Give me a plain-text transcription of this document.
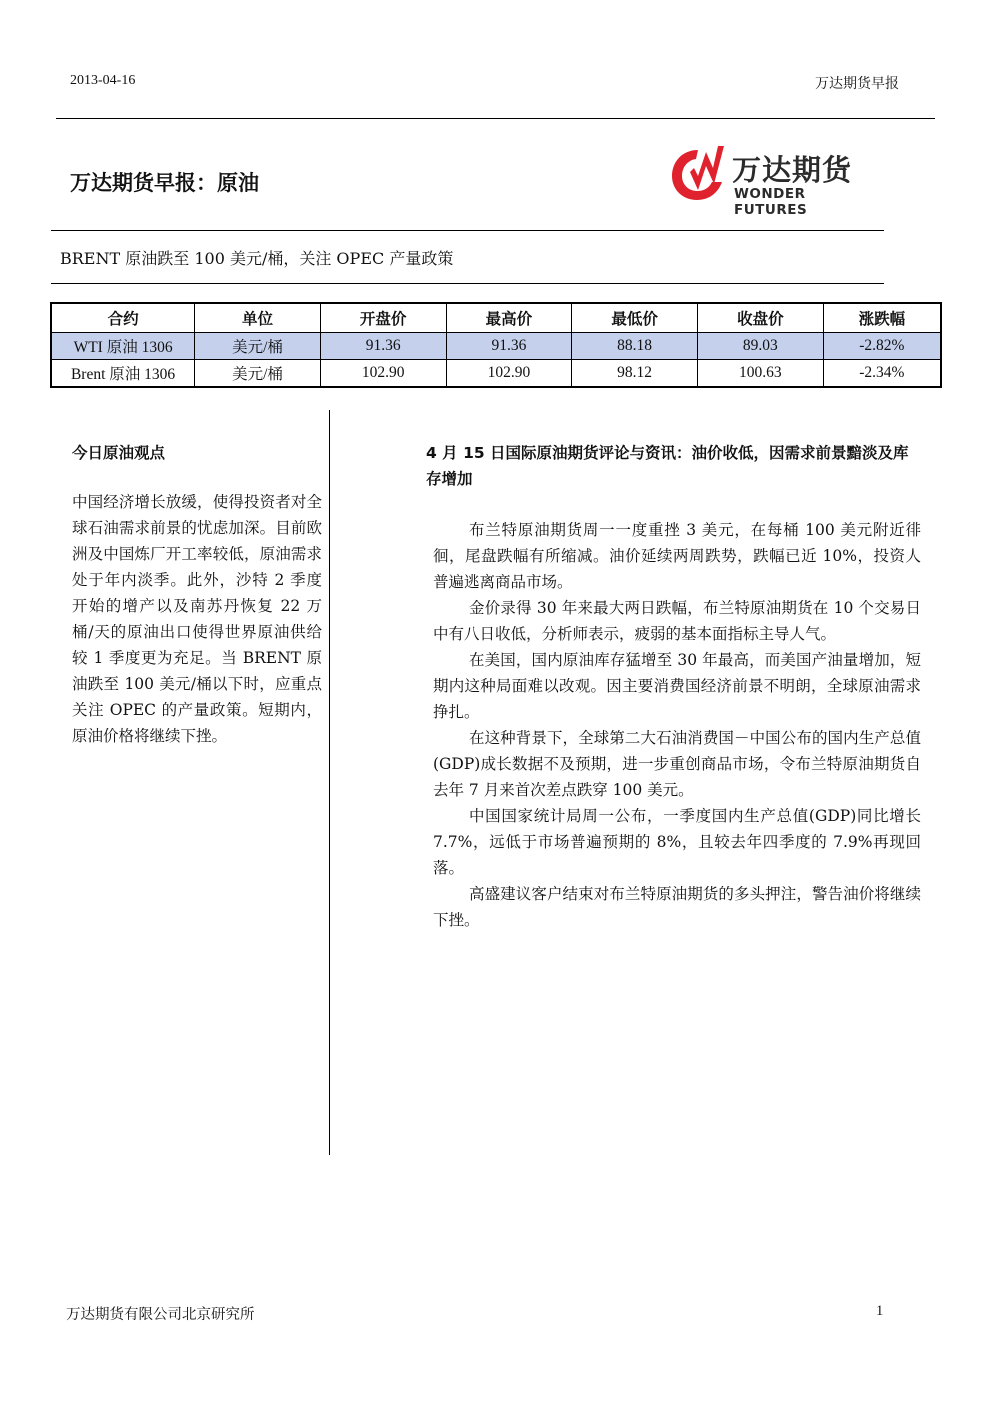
2013-04-16	万达期货早报
万达期货早报：原油	万达期货
WONDER FUTURES
BRENT 原油跌至 100 美元/桶，关注 OPEC 产量政策
合约	单位	开盘价	最高价	最低价	收盘价	涨跌幅
WTI 原油 1306	美元/桶	91.36	91.36	88.18	89.03	-2.82%
Brent 原油 1306	美元/桶	102.90	102.90	98.12	100.63	-2.34%
今日原油观点
中国经济增长放缓，使得投资者对全球石油需求前景的忧虑加深。目前欧洲及中国炼厂开工率较低，原油需求处于年内淡季。此外，沙特 2 季度开始的增产以及南苏丹恢复 22 万桶/天的原油出口使得世界原油供给较 1 季度更为充足。当 BRENT 原油跌至 100 美元/桶以下时，应重点关注 OPEC 的产量政策。短期内，原油价格将继续下挫。
4 月 15 日国际原油期货评论与资讯：油价收低，因需求前景黯淡及库存增加

布兰特原油期货周一一度重挫 3 美元，在每桶 100 美元附近徘徊，尾盘跌幅有所缩减。油价延续两周跌势，跌幅已近 10%，投资人普遍逃离商品市场。

金价录得 30 年来最大两日跌幅，布兰特原油期货在 10 个交易日中有八日收低，分析师表示，疲弱的基本面指标主导人气。

在美国，国内原油库存猛增至 30 年最高，而美国产油量增加，短期内这种局面难以改观。因主要消费国经济前景不明朗，全球原油需求挣扎。

在这种背景下，全球第二大石油消费国－中国公布的国内生产总值(GDP)成长数据不及预期，进一步重创商品市场，令布兰特原油期货自去年 7 月来首次差点跌穿 100 美元。

中国国家统计局周一公布，一季度国内生产总值(GDP)同比增长 7.7%，远低于市场普遍预期的 8%，且较去年四季度的 7.9%再现回落。

高盛建议客户结束对布兰特原油期货的多头押注，警告油价将继续下挫。

万达期货有限公司北京研究所	1
